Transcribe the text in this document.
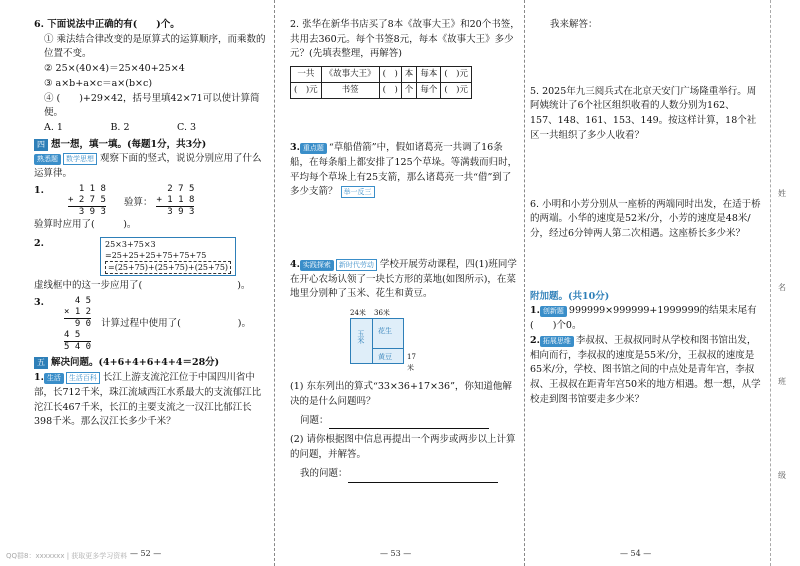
姓
名
班
级

6. 下面说法中正确的有(　　)个。

① 乘法结合律改变的是原算式的运算顺序，而乘数的

位置不变。

② 25×(40×4)＝25×40+25×4

③ a×b+a×c＝a×(b×c)

④ (　　)+29×42，括号里填42×71可以使计算简便。

A. 1　　　　　B. 2　　　　　C. 3

四 想一想，填一填。(每题1分，共3分)

熟悉题 数学思想 观察下面的竖式，说说分别应用了什么运算律。

1.	1 1 8
+ 2 7 5
3 9 3
验算：
2 7 5
+ 1 1 8
3 9 3

验算时应用了(　　　)。

2.	25×3+75×3
=25+25+25+75+75+75
=(25+75)+(25+75)+(25+75)

虚线框中的这一步应用了(　　　　　　　　　　)。

3.	4 5
× 1 2
9 0
4 5
5 4 0
计算过程中使用了(　　　　　　)。

五 解决问题。(4+6+4+6+4+4＝28分)

1. 生活 生活百科 长江上游支流沱江位于中国四川省中部，长712千米，珠江流域西江水系最大的支流郁江比沱江长467千米，长江的主要支流之一汉江比郁江长398千米。那么汉江长多少千米？

— 52 —

2. 张华在新华书店买了8本《故事大王》和20个书签，共用去360元。每个书签8元，每本《故事大王》多少元？(先填表整理，再解答)

一共	《故事大王》	(　)	本	每本	(　)元
(　)元	书签	(　)	个	每个	(　)元

3. 重点题 “草船借箭”中，假如诸葛亮一共调了16条船，在每条船上都安排了125个草垛。等满载而归时，平均每个草垛上有25支箭，那么诸葛亮一共“借”到了多少支箭？ 举一反三

4. 实践探索 新时代劳动 学校开展劳动课程，四(1)班同学在开心农场认领了一块长方形的菜地(如图所示)，在菜地里分别种了玉米、花生和黄豆。

24米 36米
玉米 花生
黄豆 17米

(1) 东东列出的算式“33×36+17×36”，你知道他解决的是什么问题吗？

问题：

(2) 请你根据图中信息再提出一个两步或两步以上计算的问题，并解答。

我的问题：

— 53 —

我来解答：

5. 2025年九三阅兵式在北京天安门广场隆重举行。周阿姨统计了6个社区组织收看的人数分别为162、157、148、161、153、149。按这样计算，18个社区一共组织了多少人收看？

6. 小明和小芳分别从一座桥的两端同时出发，在适于桥的两端。小华的速度是52米/分，小芳的速度是48米/分，经过6分钟两人第二次相遇。这座桥长多少米？

附加题。(共10分)

1. 创新题 999999×999999+1999999的结果末尾有(　　)个0。

2. 拓展思维 李叔叔、王叔叔同时从学校和图书馆出发，相向而行，李叔叔的速度是55米/分，王叔叔的速度是65米/分，学校、图书馆之间的中点处是青年宫，李叔叔、王叔叔在距青年宫50米的地方相遇。想一想，从学校走到图书馆要走多少米？

— 54 —
QQ群8：xxxxxxx | 获取更多学习资料
